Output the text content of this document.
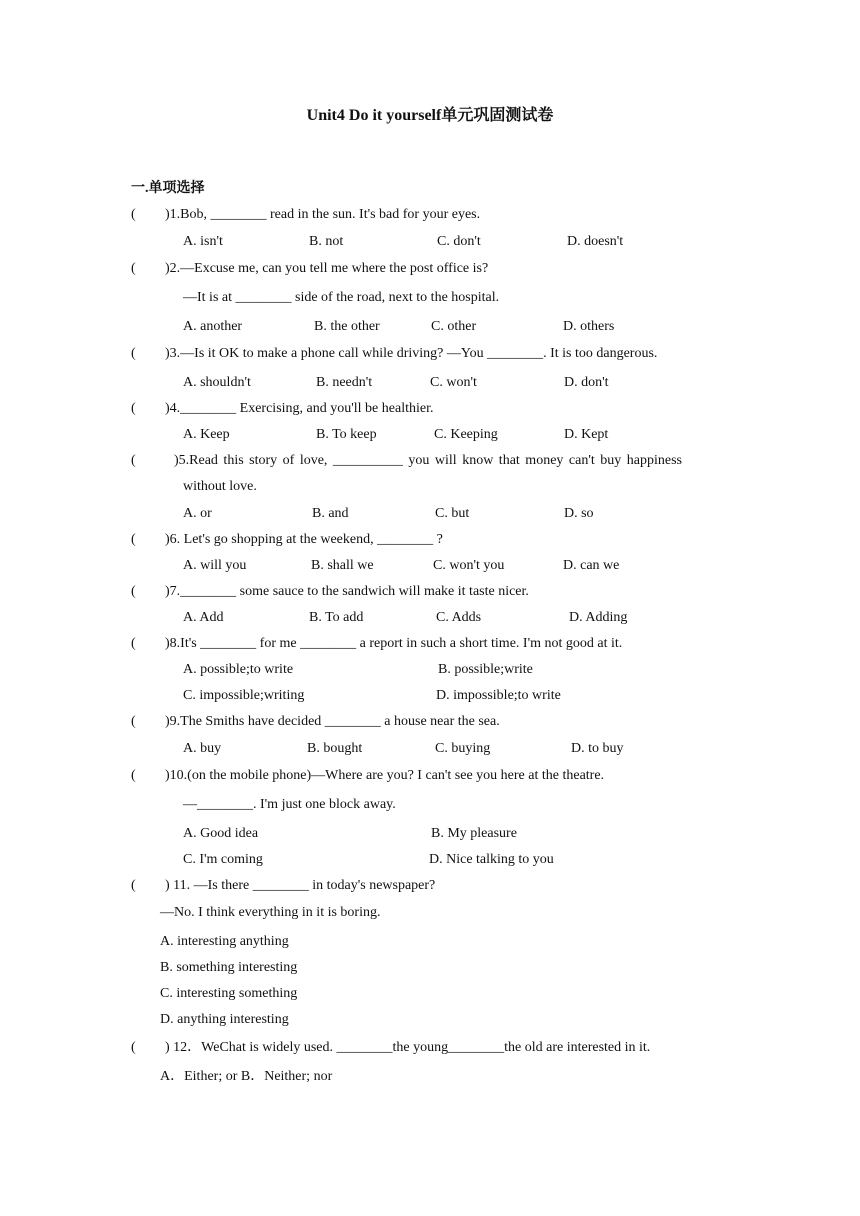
Unit4 Do it yourself单元巩固测试卷
一.单项选择
( )1.Bob, ________ read in the sun. It's bad for your eyes.
A. isn't	B. not	C. don't	D. doesn't
( )2.—Excuse me, can you tell me where the post office is?
—It is at ________ side of the road, next to the hospital.
A. another	B. the other	C. other	D. others
( )3.—Is it OK to make a phone call while driving? —You ________. It is too dangerous.
A. shouldn't	B. needn't	C. won't	D. don't
( )4.________ Exercising, and you'll be healthier.
A. Keep	B. To keep	C. Keeping	D. Kept
(	)5.Read this story of love, __________ you will know that money can't buy happiness
without love.
A. or	B. and	C. but	D. so
( )6. Let's go shopping at the weekend, ________ ?
A. will you	B. shall we	C. won't you	D. can we
( )7.________ some sauce to the sandwich will make it taste nicer.
A. Add	B. To add	C. Adds	D. Adding
( )8.It's ________ for me ________ a report in such a short time. I'm not good at it.
A. possible;to write	B. possible;write
C. impossible;writing	D. impossible;to write
( )9.The Smiths have decided ________ a house near the sea.
A. buy	B. bought	C. buying	D. to buy
( )10.(on the mobile phone)—Where are you? I can't see you here at the theatre.
—________. I'm just one block away.
A. Good idea	B. My pleasure
C. I'm coming	D. Nice talking to you
( ) 11. —Is there ________ in today's newspaper?
—No. I think everything in it is boring.
A. interesting anything
B. something interesting
C. interesting something
D. anything interesting
( ) 12．WeChat is widely used. ________the young________the old are interested in it.
A．Either; or B．Neither; nor
